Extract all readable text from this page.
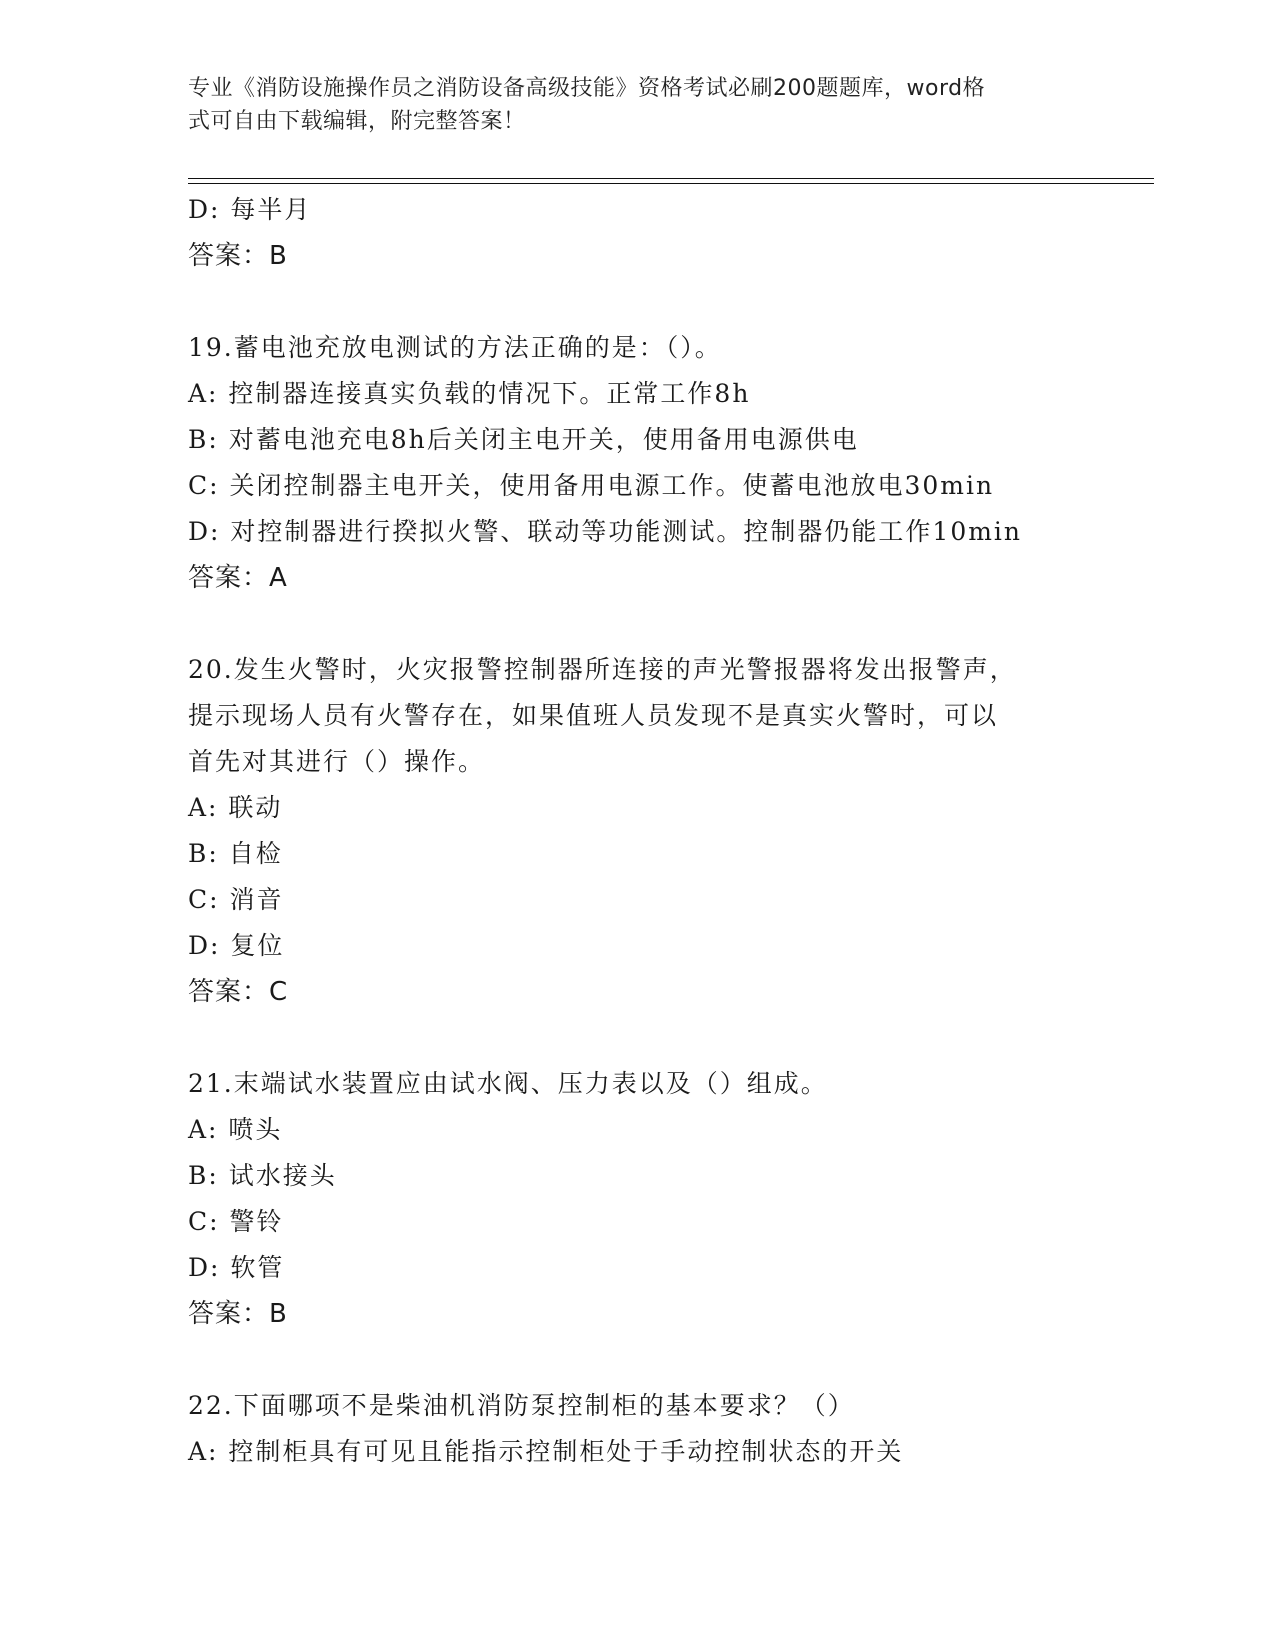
专业《消防设施操作员之消防设备高级技能》资格考试必刷200题题库，word格
式可自由下载编辑，附完整答案！
D: 每半月
答案：B
19.蓄电池充放电测试的方法正确的是：（）。
A: 控制器连接真实负载的情况下。正常工作8h
B: 对蓄电池充电8h后关闭主电开关，使用备用电源供电
C: 关闭控制器主电开关，使用备用电源工作。使蓄电池放电30min
D: 对控制器进行揆拟火警、联动等功能测试。控制器仍能工作10min
答案：A
20.发生火警时，火灾报警控制器所连接的声光警报器将发出报警声，
提示现场人员有火警存在，如果值班人员发现不是真实火警时，可以
首先对其进行（）操作。
A: 联动
B: 自检
C: 消音
D: 复位
答案：C
21.末端试水装置应由试水阀、压力表以及（）组成。
A: 喷头
B: 试水接头
C: 警铃
D: 软管
答案：B
22.下面哪项不是柴油机消防泵控制柜的基本要求？（）
A: 控制柜具有可见且能指示控制柜处于手动控制状态的开关
